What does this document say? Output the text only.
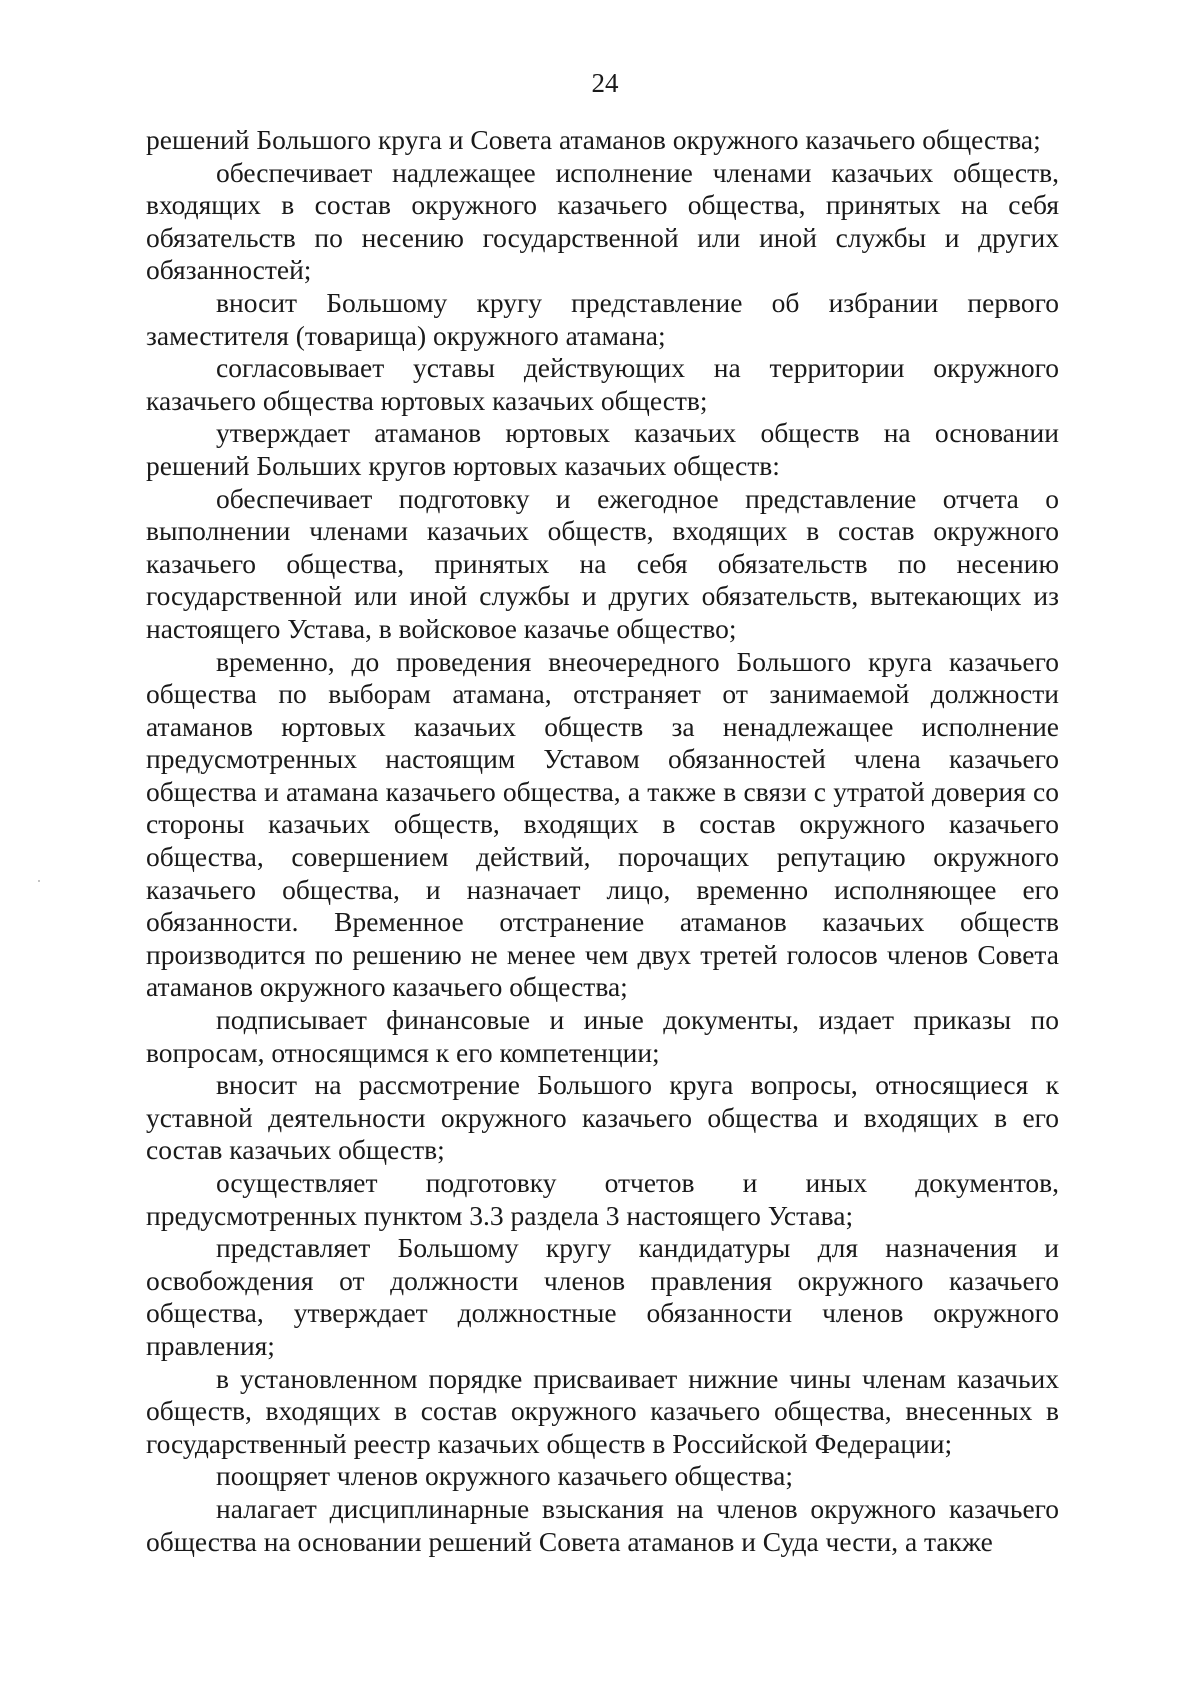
24

решений Большого круга и Совета атаманов окружного казачьего общества;

обеспечивает надлежащее исполнение членами казачьих обществ, входящих в состав окружного казачьего общества, принятых на себя обязательств по несению государственной или иной службы и других обязанностей;

вносит Большому кругу представление об избрании первого заместителя (товарища) окружного атамана;

согласовывает уставы действующих на территории окружного казачьего общества юртовых казачьих обществ;

утверждает атаманов юртовых казачьих обществ на основании решений Больших кругов юртовых казачьих обществ:

обеспечивает подготовку и ежегодное представление отчета о выполнении членами казачьих обществ, входящих в состав окружного казачьего общества, принятых на себя обязательств по несению государственной или иной службы и других обязательств, вытекающих из настоящего Устава, в войсковое казачье общество;

временно, до проведения внеочередного Большого круга казачьего общества по выборам атамана, отстраняет от занимаемой должности атаманов юртовых казачьих обществ за ненадлежащее исполнение предусмотренных настоящим Уставом обязанностей члена казачьего общества и атамана казачьего общества, а также в связи с утратой доверия со стороны казачьих обществ, входящих в состав окружного казачьего общества, совершением действий, порочащих репутацию окружного казачьего общества, и назначает лицо, временно исполняющее его обязанности. Временное отстранение атаманов казачьих обществ производится по решению не менее чем двух третей голосов членов Совета атаманов окружного казачьего общества;

подписывает финансовые и иные документы, издает приказы по вопросам, относящимся к его компетенции;

вносит на рассмотрение Большого круга вопросы, относящиеся к уставной деятельности окружного казачьего общества и входящих в его состав казачьих обществ;

осуществляет подготовку отчетов и иных документов, предусмотренных пунктом 3.3 раздела 3 настоящего Устава;

представляет Большому кругу кандидатуры для назначения и освобождения от должности членов правления окружного казачьего общества, утверждает должностные обязанности членов окружного правления;

в установленном порядке присваивает нижние чины членам казачьих обществ, входящих в состав окружного казачьего общества, внесенных в государственный реестр казачьих обществ в Российской Федерации;

поощряет членов окружного казачьего общества;

налагает дисциплинарные взыскания на членов окружного казачьего общества на основании решений Совета атаманов и Суда чести, а также
